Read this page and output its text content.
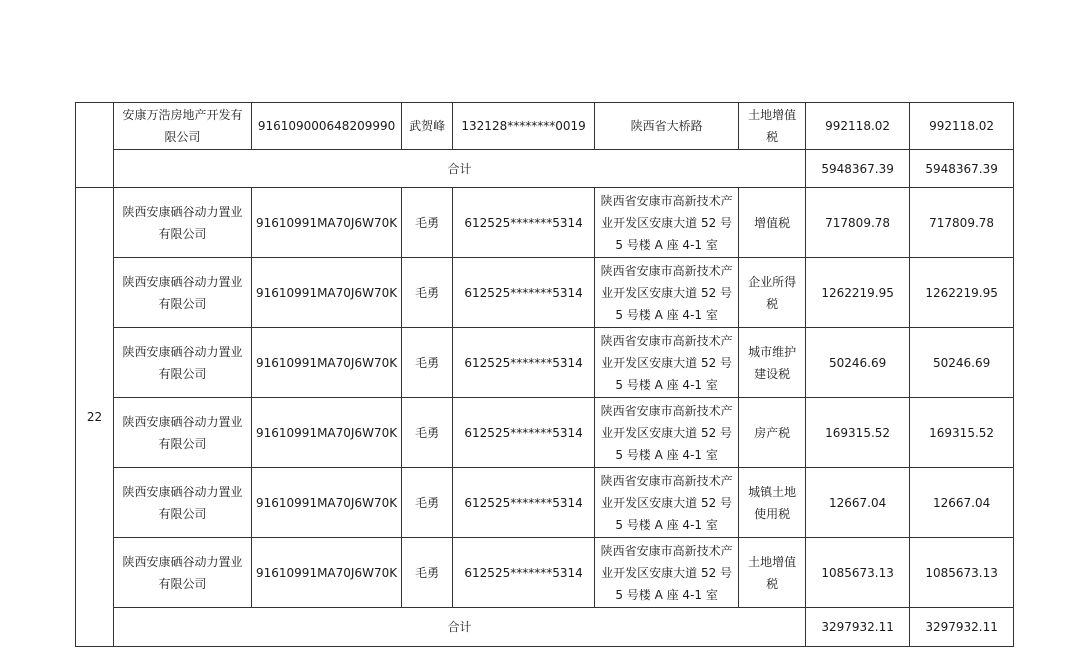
	安康万浩房地产开发有限公司	916109000648209990	武贺峰	132128********0019	陕西省大桥路	土地增值税	992118.02	992118.02
	合计						5948367.39	5948367.39
22	陕西安康硒谷动力置业有限公司	91610991MA70J6W70K	毛勇	612525*******5314	陕西省安康市高新技术产业开发区安康大道 52 号 5 号楼 A 座 4-1 室	增值税	717809.78	717809.78
	陕西安康硒谷动力置业有限公司	91610991MA70J6W70K	毛勇	612525*******5314	陕西省安康市高新技术产业开发区安康大道 52 号 5 号楼 A 座 4-1 室	企业所得税	1262219.95	1262219.95
	陕西安康硒谷动力置业有限公司	91610991MA70J6W70K	毛勇	612525*******5314	陕西省安康市高新技术产业开发区安康大道 52 号 5 号楼 A 座 4-1 室	城市维护建设税	50246.69	50246.69
	陕西安康硒谷动力置业有限公司	91610991MA70J6W70K	毛勇	612525*******5314	陕西省安康市高新技术产业开发区安康大道 52 号 5 号楼 A 座 4-1 室	房产税	169315.52	169315.52
	陕西安康硒谷动力置业有限公司	91610991MA70J6W70K	毛勇	612525*******5314	陕西省安康市高新技术产业开发区安康大道 52 号 5 号楼 A 座 4-1 室	城镇土地使用税	12667.04	12667.04
	陕西安康硒谷动力置业有限公司	91610991MA70J6W70K	毛勇	612525*******5314	陕西省安康市高新技术产业开发区安康大道 52 号 5 号楼 A 座 4-1 室	土地增值税	1085673.13	1085673.13
	合计						3297932.11	3297932.11
